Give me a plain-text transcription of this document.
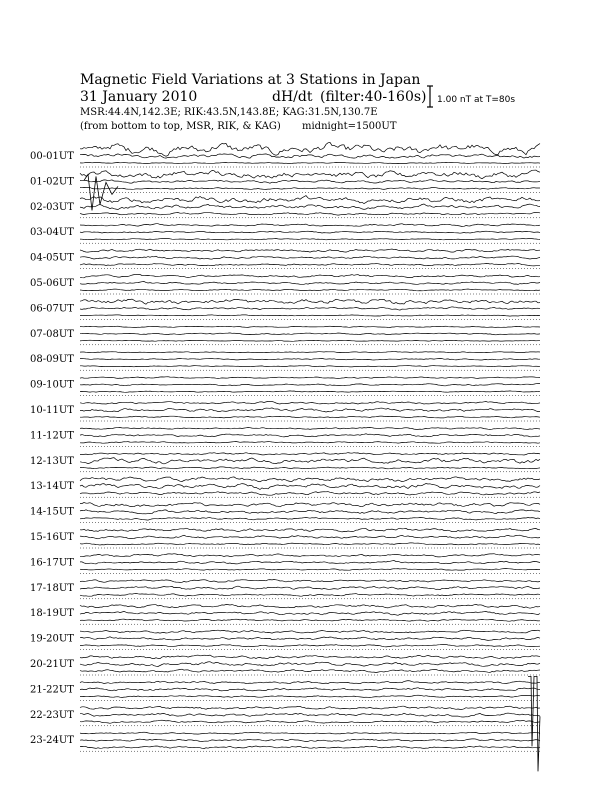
Magnetic Field Variations at 3 Stations in Japan
31 January 2010	dH/dt (filter:40-160s)
MSR:44.4N,142.3E; RIK:43.5N,143.8E; KAG:31.5N,130.7E
(from bottom to top, MSR, RIK, & KAG) midnight=1500UT
1.00 nT at T=80s
00-01UT
01-02UT
02-03UT
03-04UT
04-05UT
05-06UT
06-07UT
07-08UT
08-09UT
09-10UT
10-11UT
11-12UT
12-13UT
13-14UT
14-15UT
15-16UT
16-17UT
17-18UT
18-19UT
19-20UT
20-21UT
21-22UT
22-23UT
23-24UT
